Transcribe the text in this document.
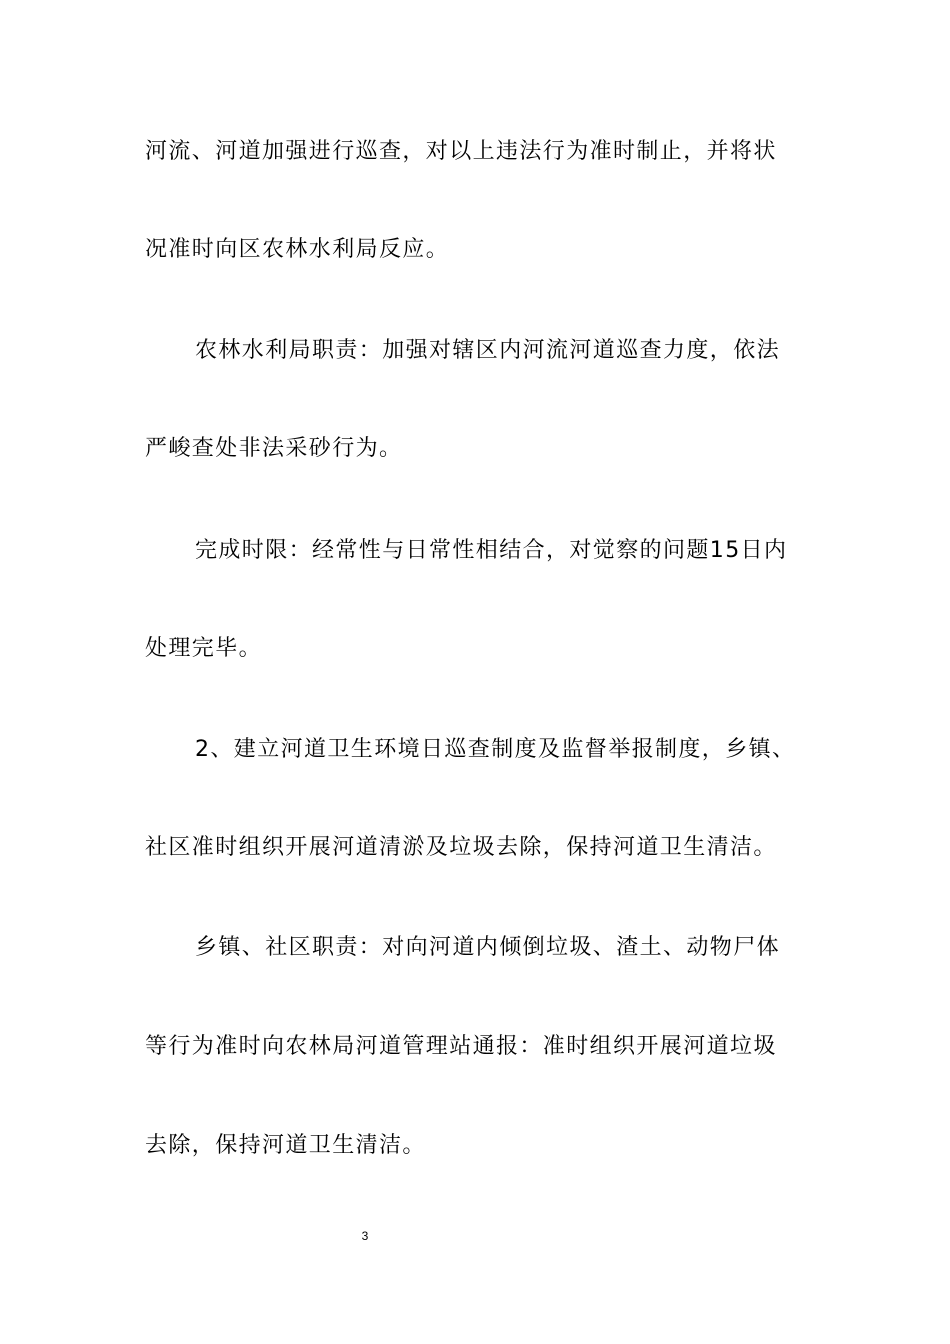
河流、河道加强进行巡查，对以上违法行为准时制止，并将状
况准时向区农林水利局反应。
农林水利局职责：加强对辖区内河流河道巡查力度，依法
严峻查处非法采砂行为。
完成时限：经常性与日常性相结合，对觉察的问题15日内
处理完毕。
2、建立河道卫生环境日巡查制度及监督举报制度，乡镇、
社区准时组织开展河道清淤及垃圾去除，保持河道卫生清洁。
乡镇、社区职责：对向河道内倾倒垃圾、渣土、动物尸体
等行为准时向农林局河道管理站通报：准时组织开展河道垃圾
去除，保持河道卫生清洁。
3
